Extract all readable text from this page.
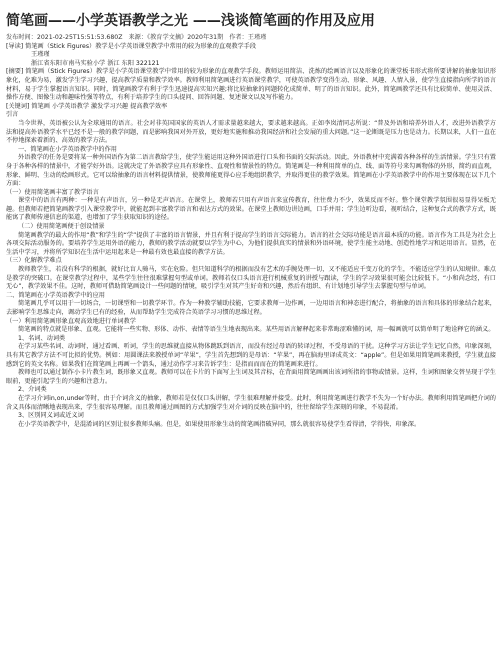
简笔画——小学英语教学之光 ——浅谈简笔画的作用及应用
发布时间：2021-02-25T15:51:53.680Z 来源：《教育学文摘》2020年31期 作者：王瑾瑾
[导读] 简笔画（Stick Figures）教学是小学英语课堂教学中常用的较为形象的直观教学手段
王瑾瑾
浙江省东阳市南马实验小学 浙江 东阳 322121

[摘要] 简笔画（Stick Figures）教学是小学英语课堂教学中常用的较为形象的直观教学手段。教师运用简洁、洗炼的绘画语言以及形象化的课堂板书形式将所要讲解的抽象知识形象化，化难为易，激发学生学习兴趣，提高教学质量和教学效率。教师利用简笔画进行英语课堂教学，可使英语教学变得生动、形象、风趣、人情入景，使学生直接指向所学的语言材料，易于学生掌握语言知识。同时，简笔画教学有利于学生迅速提高实知兴趣;将比较抽象的问题转化成简单、明了的语言知识。此外，简笔画教学还具有比较简单、使用灵活、操作方便、图像生动和趣味性强等特点，有利于培养学生的口头提问、回答问题、复述课文以及写作能力。

[关键词] 简笔画 小学英语教学 激发学习兴趣 提高教学效率

引言

当今世界，英语被公认为全球通用的语言。社会对非英国国家的英语人才需求量越来越大，要求越来越高。正如李岚清同志所说：“普及外语和培养外语人才，改进外语教学方法和提高外语教学水平已经不是一般的教学问题，而是影响我国对外开放，更好地实施和推动我国经济和社会发展的重大问题。”这一论断既是压力也是动力。长期以来，人们一直在不停地探索着新的、高效的教学方法。

一、简笔画在小学英语教学中的作用

外语教学的任务是要将某一种外国语作为第二语言教给学生，使学生能运用这种外国语进行口头和书面的交际活动。因此，外语教材中充满着各种各样的生活情景。学生只有置身于各种各样的情景中，才能学好外语。这就决定了外语教学应具有形象性、直观性和情景性的特点。简笔画是一种利用简单的点、线、面等符号来勾画物体的外形，简约而直观，形象、鲜明、生动的绘画形式。它可以给抽象的语言材料提供情景，使教师能更得心应手地组织教学，并取得更佳的教学效果。简笔画在小学英语教学中的作用主要体现在以下几个方面：

（一）使用简笔画丰富了教学语言

课堂中的语言有两种：一种是有声语言，另一种是无声语言。在课堂上，教师若只用有声语言来宣传教育，往往费力不少，效果反而不好。整个课堂教学氛围很易显得呆板无趣。但教师若把简笔画教学引入课堂教学中，就能起到丰富教学语言和表达方式的效果。在课堂上教师边讲边画，口手并用；学生边听边看，视听结合，这种复合式的教学方式，既能寓了教师传递信息的渠道，也增加了学生获取知识的途径。

（二）使用简笔画便于创设情景

简笔画教学的最大的作用“教”和学生的“学”提供了丰富的语言情景，并且有利于提高学生的语言交际能力。语言的社会交际功能是语言最本质的功能。语言作为工具是为社会上各项交际活动服务的。要培养学生运用外语的能力，教师的教学活动就要以学生为中心，为他们提供真实的情景和外语环境，使学生能主动地、创造性地学习和运用语言。显然，在生活中学习，并将所学知识在生活中运用起来是一种最有效也最直接的教学方法。

（三）化解教学难点

教师教学生，若没有科学的根据，就好比盲人骑马，实在危险。但只知道科学的根据而没有艺术的手腕处理一切，又不能适应千变万化的学生，不能适应学生的认知规律。难点是教学的突破口。在课堂教学过程中，某些学生往往很难掌握句型或单词。教师若仅口头语言进行机械重复的讲授与跟读，学生的学习效果很可能会比较低下。“小和尚念经，有口无心”，教学效果不佳。这时，教师可借助简笔画设计一些问题的情境，吸引学生对其产生好奇和兴趣，然后有组织、有计划地引导学生去掌握句型与单词。

二、简笔画在小学英语教学中的应用

简笔画几乎可以用于一切场合，一切课型和一切教学环节。作为一种教学辅助技能，它要求教师一边作画，一边用语言和神态进行配合，将抽象的语言和具体的形象结合起来，去影响学生思维走向，调动学生已有的经验，从而帮助学生完成符合英语学习习惯的思维过程。

（一）利用简笔画形象直观高效地进行单词教学

简笔画的特点就是形象、直观。它能将一些实物、形体、动作、表情等语生生地表现出来。某些用语言解释起来非常晦涩难懂的词，用一幅画就可以简单明了地诠释它的涵义。

1、名词、动词类

在学习某些名词、动词时，通过看画、听词，学生的思维就直接从物体跳跃到语言，而没有经过母语的转译过程，不受母语的干扰。这种学习方法让学生记忆自然，印象深刻，具有其它教学方法不可比拟的优势。例如：用圆课法来教授单词“苹果”，学生首先想到的是母语：“苹果”，再在脑海里译成英文：“apple”。但是如果用简笔画来教授，学生就直接感到它的英文名称。如果我们在简笔画上再画一个箭头，通过动作学习来告诉学生：是指而而而在的简笔画来进行。

教师也可以通过制作小卡片教生词，既形象又直观。教师可以在卡片的下面写上生词及其音标，在背面用简笔画画出该词所指的事物或情景。这样，生词和图象交替呈现于学生眼前，更能引起学生的兴趣和注意力。

2、介词类

在学习介词in,on,under等时，由于介词含义的抽象，教师若是仅仅口头讲解，学生很难理解并接受。此时，利用简笔画进行教学不失为一个好办法。教师利用简笔画把介词的含义具体而清晰地表现出来，学生很容易理解。而且教师通过画图的方式加强学生对介词的反映在脑中的，往往留给学生深刻的印象，不易混淆。

3、区别同义词或近义词

在小学英语教学中，是混淆词的区别让很多教师头痛。但是，如果使用形象生动的简笔画指破异同，那么就很容易使学生看得清，学得快，印象深。
